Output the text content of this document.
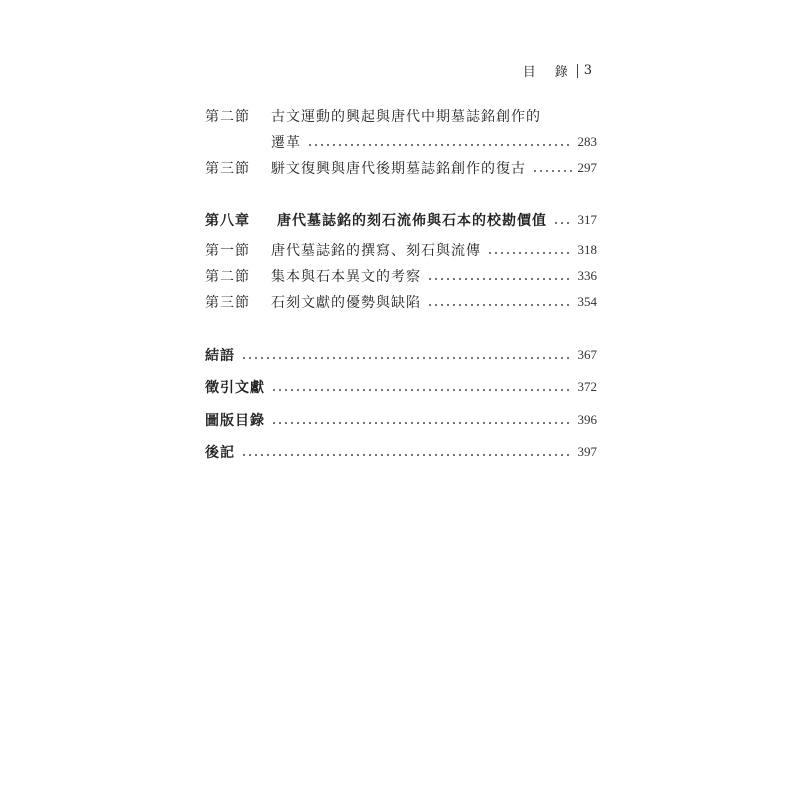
目　錄 3
第二節	古文運動的興起與唐代中期墓誌銘創作的
遷革	283
第三節	駢文復興與唐代後期墓誌銘創作的復古	297
第八章	唐代墓誌銘的刻石流佈與石本的校勘價值 317
第一節	唐代墓誌銘的撰寫、刻石與流傳	318
第二節	集本與石本異文的考察	336
第三節	石刻文獻的優勢與缺陷	354
結語	367
徵引文獻	372
圖版目錄	396
後記	397
